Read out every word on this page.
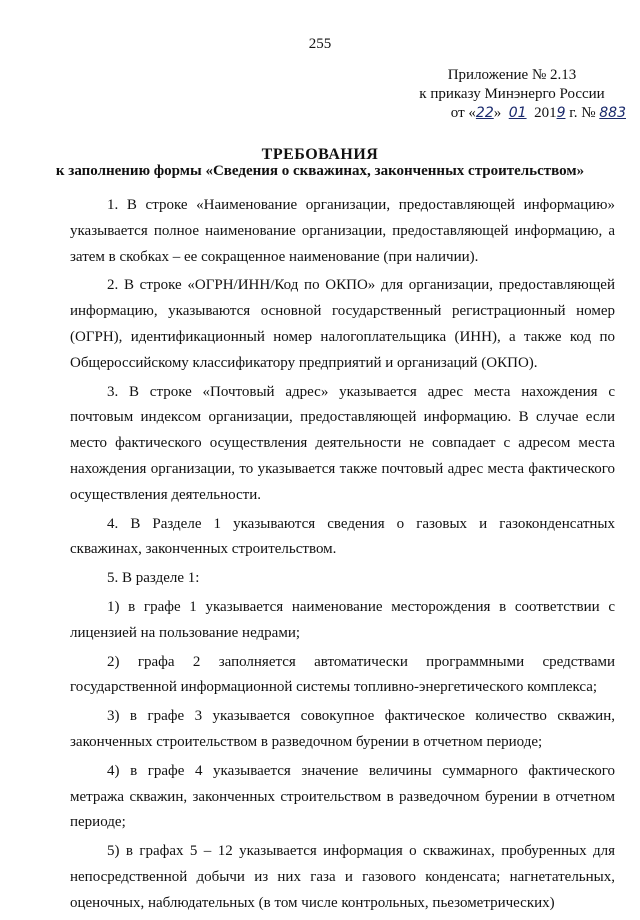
255
Приложение № 2.13
к приказу Минэнерго России
от «22» 01 2019 г. № 883
ТРЕБОВАНИЯ
к заполнению формы «Сведения о скважинах, законченных строительством»

1. В строке «Наименование организации, предоставляющей информацию» указывается полное наименование организации, предоставляющей информацию, а затем в скобках – ее сокращенное наименование (при наличии).

2. В строке «ОГРН/ИНН/Код по ОКПО» для организации, предоставляющей информацию, указываются основной государственный регистрационный номер (ОГРН), идентификационный номер налогоплательщика (ИНН), а также код по Общероссийскому классификатору предприятий и организаций (ОКПО).

3. В строке «Почтовый адрес» указывается адрес места нахождения с почтовым индексом организации, предоставляющей информацию. В случае если место фактического осуществления деятельности не совпадает с адресом места нахождения организации, то указывается также почтовый адрес места фактического осуществления деятельности.

4. В Разделе 1 указываются сведения о газовых и газоконденсатных скважинах, законченных строительством.

5. В разделе 1:

1) в графе 1 указывается наименование месторождения в соответствии с лицензией на пользование недрами;

2) графа 2 заполняется автоматически программными средствами государственной информационной системы топливно-энергетического комплекса;

3) в графе 3 указывается совокупное фактическое количество скважин, законченных строительством в разведочном бурении в отчетном периоде;

4) в графе 4 указывается значение величины суммарного фактического метража скважин, законченных строительством в разведочном бурении в отчетном периоде;

5) в графах 5 – 12 указывается информация о скважинах, пробуренных для непосредственной добычи из них газа и газового конденсата; нагнетательных, оценочных, наблюдательных (в том числе контрольных, пьезометрических)
